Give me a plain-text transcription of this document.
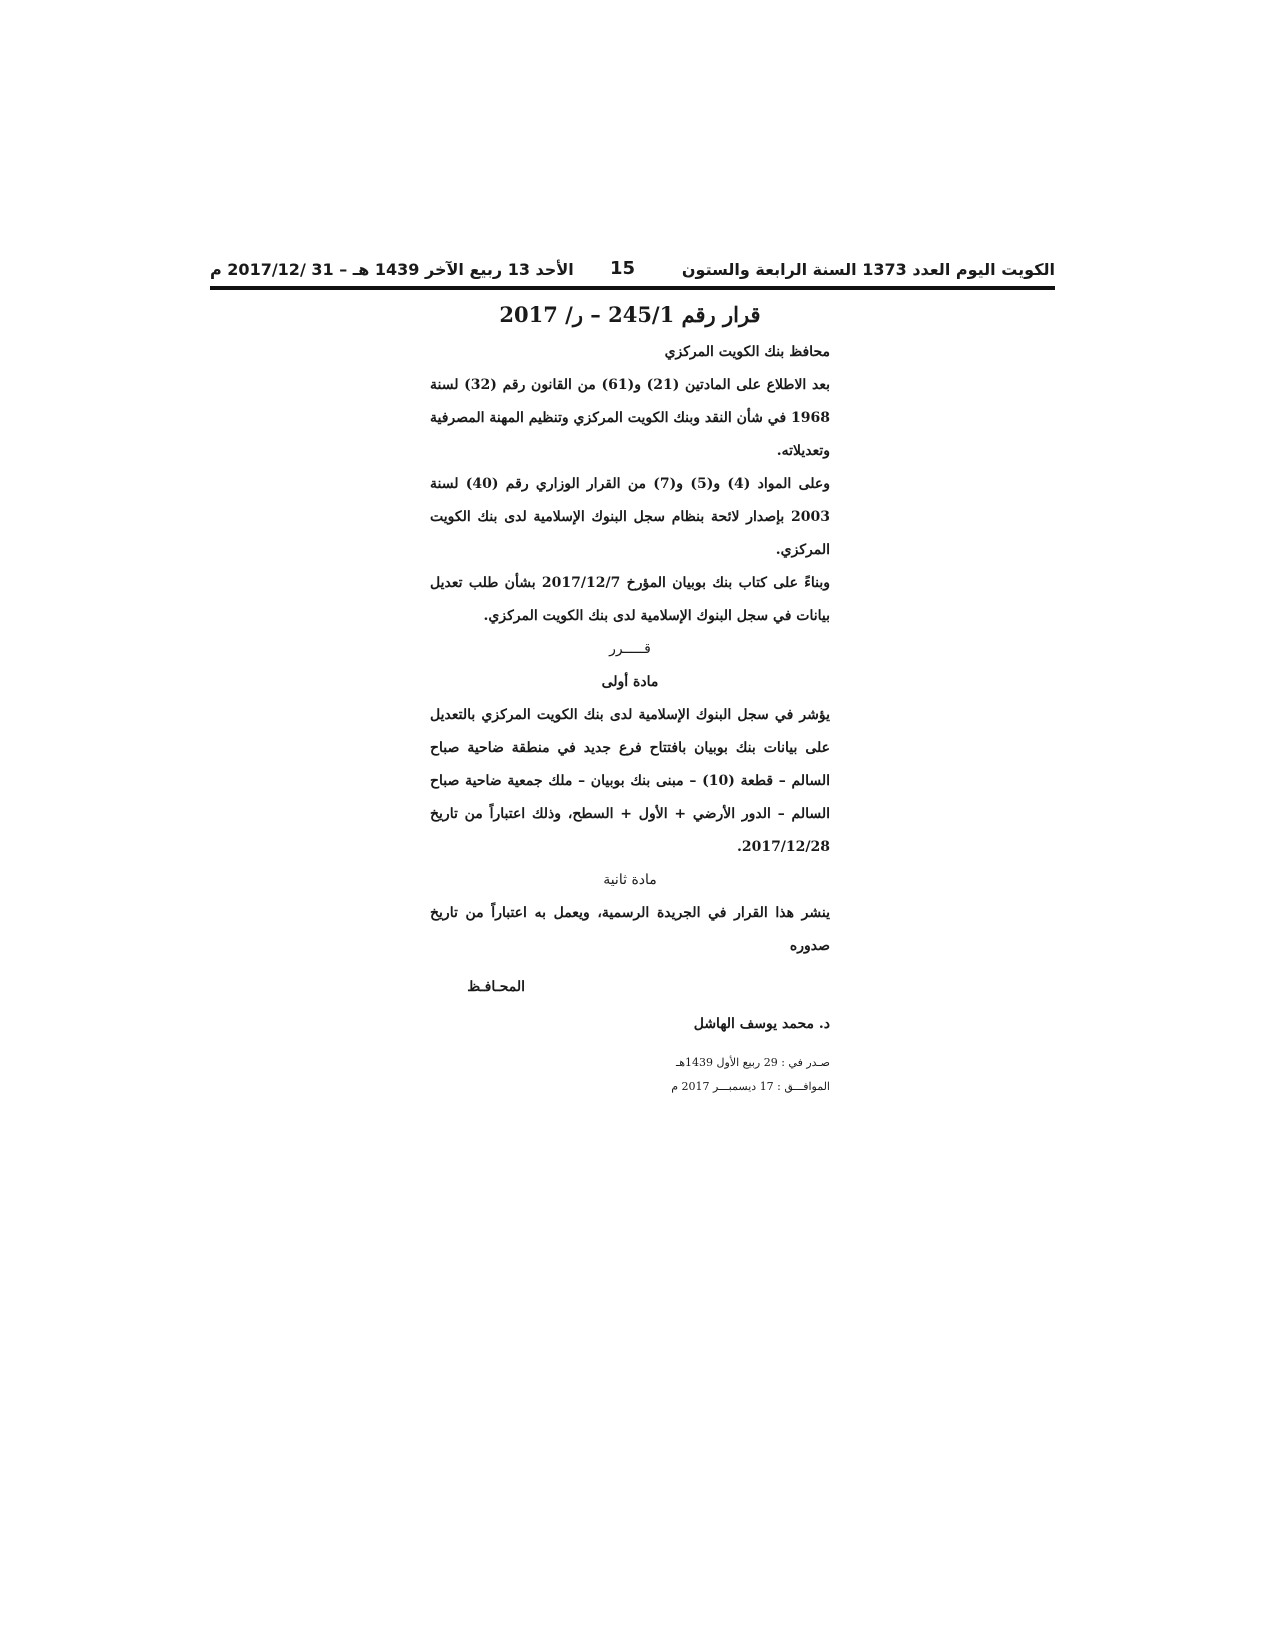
الكويت اليوم العدد 1373 السنة الرابعة والستون
15
الأحد 13 ربيع الآخر 1439 هـ – 31 /2017/12 م
قرار رقم 245/1 – ر/ 2017

محافظ بنك الكويت المركزي

بعد الاطلاع على المادتين (21) و(61) من القانون رقم (32) لسنة 1968 في شأن النقد وبنك الكويت المركزي وتنظيم المهنة المصرفية وتعديلاته.

وعلى المواد (4) و(5) و(7) من القرار الوزاري رقم (40) لسنة 2003 بإصدار لائحة بنظام سجل البنوك الإسلامية لدى بنك الكويت المركزي.

وبناءً على كتاب بنك بوبيان المؤرخ 2017/12/7 بشأن طلب تعديل بيانات في سجل البنوك الإسلامية لدى بنك الكويت المركزي.

قـــــرر

مادة أولى

يؤشر في سجل البنوك الإسلامية لدى بنك الكويت المركزي بالتعديل على بيانات بنك بوبيان بافتتاح فرع جديد في منطقة ضاحية صباح السالم – قطعة (10) – مبنى بنك بوبيان – ملك جمعية ضاحية صباح السالم – الدور الأرضي + الأول + السطح، وذلك اعتباراً من تاريخ 2017/12/28.

مادة ثانية

ينشر هذا القرار في الجريدة الرسمية، ويعمل به اعتباراً من تاريخ صدوره

المحـافـظ

د. محمد يوسف الهاشل

صـدر في : 29 ربيع الأول 1439هـ
الموافـــق : 17 ديسمبـــر 2017 م
